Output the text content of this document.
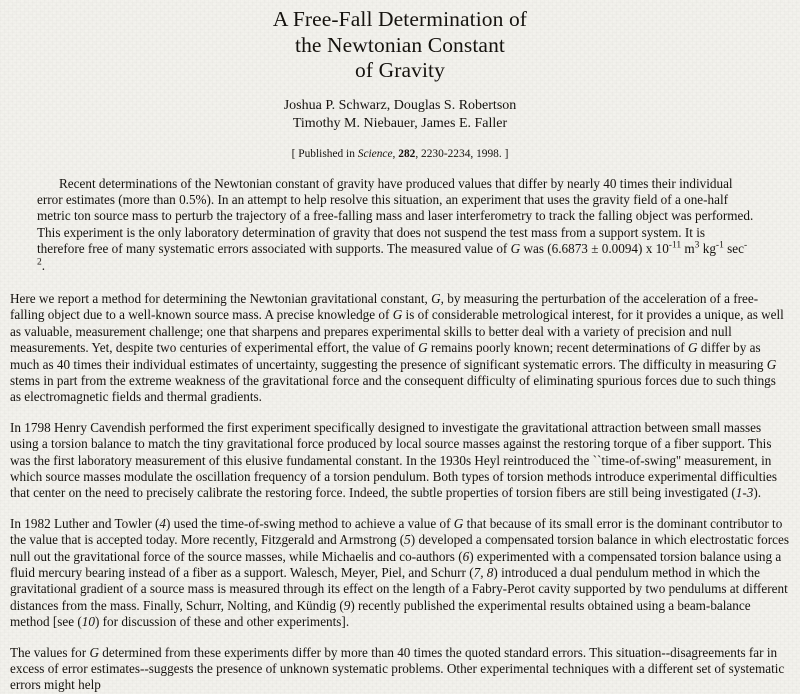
A Free-Fall Determination of
the Newtonian Constant
of Gravity
Joshua P. Schwarz, Douglas S. Robertson
Timothy M. Niebauer, James E. Faller
[ Published in Science, 282, 2230-2234, 1998. ]

Recent determinations of the Newtonian constant of gravity have produced values that differ by nearly 40 times their individual error estimates (more than 0.5%). In an attempt to help resolve this situation, an experiment that uses the gravity field of a one-half metric ton source mass to perturb the trajectory of a free-falling mass and laser interferometry to track the falling object was performed. This experiment is the only laboratory determination of gravity that does not suspend the test mass from a support system. It is therefore free of many systematic errors associated with supports. The measured value of G was (6.6873 ± 0.0094) x $10^{-11}$ $m^3$ $kg^{-1}$ $\sec^{-2}$.

Here we report a method for determining the Newtonian gravitational constant, G, by measuring the perturbation of the acceleration of a free-falling object due to a well-known source mass. A precise knowledge of G is of considerable metrological interest, for it provides a unique, as well as valuable, measurement challenge; one that sharpens and prepares experimental skills to better deal with a variety of precision and null measurements. Yet, despite two centuries of experimental effort, the value of G remains poorly known; recent determinations of G differ by as much as 40 times their individual estimates of uncertainty, suggesting the presence of significant systematic errors. The difficulty in measuring G stems in part from the extreme weakness of the gravitational force and the consequent difficulty of eliminating spurious forces due to such things as electromagnetic fields and thermal gradients.

In 1798 Henry Cavendish performed the first experiment specifically designed to investigate the gravitational attraction between small masses using a torsion balance to match the tiny gravitational force produced by local source masses against the restoring torque of a fiber support. This was the first laboratory measurement of this elusive fundamental constant. In the 1930s Heyl reintroduced the ``time-of-swing'' measurement, in which source masses modulate the oscillation frequency of a torsion pendulum. Both types of torsion methods introduce experimental difficulties that center on the need to precisely calibrate the restoring force. Indeed, the subtle properties of torsion fibers are still being investigated (1-3).

In 1982 Luther and Towler (4) used the time-of-swing method to achieve a value of G that because of its small error is the dominant contributor to the value that is accepted today. More recently, Fitzgerald and Armstrong (5) developed a compensated torsion balance in which electrostatic forces null out the gravitational force of the source masses, while Michaelis and co-authors (6) experimented with a compensated torsion balance using a fluid mercury bearing instead of a fiber as a support. Walesch, Meyer, Piel, and Schurr (7, 8) introduced a dual pendulum method in which the gravitational gradient of a source mass is measured through its effect on the length of a Fabry-Perot cavity supported by two pendulums at different distances from the mass. Finally, Schurr, Nolting, and Kündig (9) recently published the experimental results obtained using a beam-balance method [see (10) for discussion of these and other experiments].

The values for G determined from these experiments differ by more than 40 times the quoted standard errors. This situation--disagreements far in excess of error estimates--suggests the presence of unknown systematic problems. Other experimental techniques with a different set of systematic errors might help
